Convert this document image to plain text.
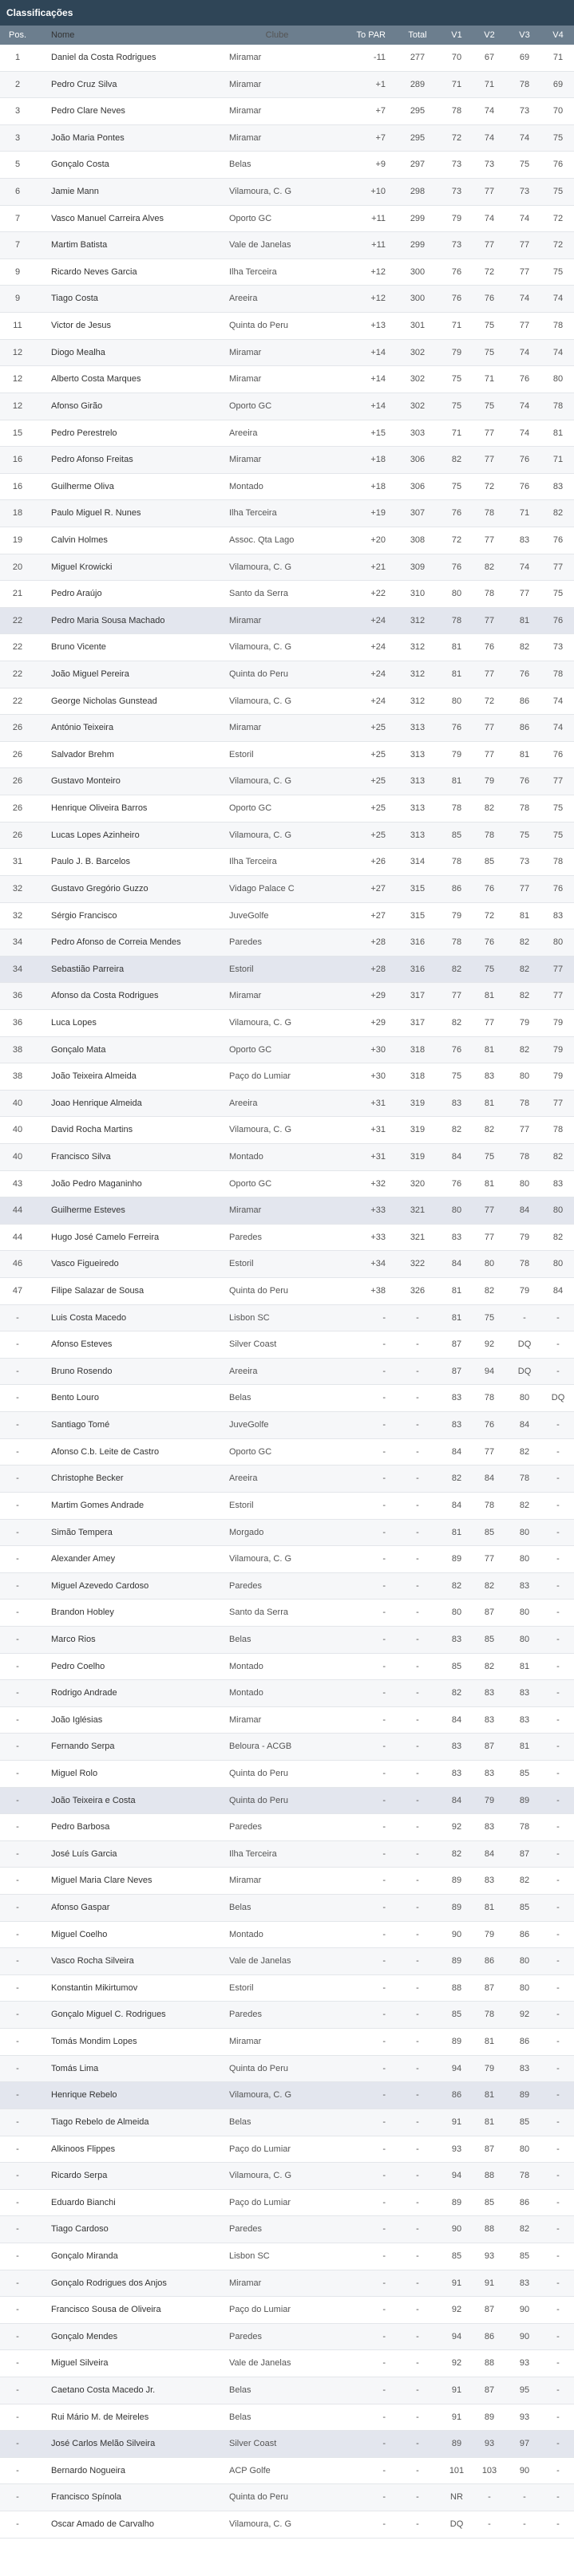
Classificações
Pos.	Nome	Clube	To PAR	Total	V1	V2	V3	V4
1	Daniel da Costa Rodrigues	Miramar	-11	277	70	67	69	71
2	Pedro Cruz Silva	Miramar	+1	289	71	71	78	69
3	Pedro Clare Neves	Miramar	+7	295	78	74	73	70
3	João Maria Pontes	Miramar	+7	295	72	74	74	75
5	Gonçalo Costa	Belas	+9	297	73	73	75	76
6	Jamie Mann	Vilamoura, C. G	+10	298	73	77	73	75
7	Vasco Manuel Carreira Alves	Oporto GC	+11	299	79	74	74	72
7	Martim Batista	Vale de Janelas	+11	299	73	77	77	72
9	Ricardo Neves Garcia	Ilha Terceira	+12	300	76	72	77	75
9	Tiago Costa	Areeira	+12	300	76	76	74	74
11	Victor de Jesus	Quinta do Peru	+13	301	71	75	77	78
12	Diogo Mealha	Miramar	+14	302	79	75	74	74
12	Alberto Costa Marques	Miramar	+14	302	75	71	76	80
12	Afonso Girão	Oporto GC	+14	302	75	75	74	78
15	Pedro Perestrelo	Areeira	+15	303	71	77	74	81
16	Pedro Afonso Freitas	Miramar	+18	306	82	77	76	71
16	Guilherme Oliva	Montado	+18	306	75	72	76	83
18	Paulo Miguel R. Nunes	Ilha Terceira	+19	307	76	78	71	82
19	Calvin Holmes	Assoc. Qta Lago	+20	308	72	77	83	76
20	Miguel Krowicki	Vilamoura, C. G	+21	309	76	82	74	77
21	Pedro Araújo	Santo da Serra	+22	310	80	78	77	75
22	Pedro Maria Sousa Machado	Miramar	+24	312	78	77	81	76
22	Bruno Vicente	Vilamoura, C. G	+24	312	81	76	82	73
22	João Miguel Pereira	Quinta do Peru	+24	312	81	77	76	78
22	George Nicholas Gunstead	Vilamoura, C. G	+24	312	80	72	86	74
26	António Teixeira	Miramar	+25	313	76	77	86	74
26	Salvador Brehm	Estoril	+25	313	79	77	81	76
26	Gustavo Monteiro	Vilamoura, C. G	+25	313	81	79	76	77
26	Henrique Oliveira Barros	Oporto GC	+25	313	78	82	78	75
26	Lucas Lopes Azinheiro	Vilamoura, C. G	+25	313	85	78	75	75
31	Paulo J. B. Barcelos	Ilha Terceira	+26	314	78	85	73	78
32	Gustavo Gregório Guzzo	Vidago Palace C	+27	315	86	76	77	76
32	Sérgio Francisco	JuveGolfe	+27	315	79	72	81	83
34	Pedro Afonso de Correia Mendes	Paredes	+28	316	78	76	82	80
34	Sebastião Parreira	Estoril	+28	316	82	75	82	77
36	Afonso da Costa Rodrigues	Miramar	+29	317	77	81	82	77
36	Luca Lopes	Vilamoura, C. G	+29	317	82	77	79	79
38	Gonçalo Mata	Oporto GC	+30	318	76	81	82	79
38	João Teixeira Almeida	Paço do Lumiar	+30	318	75	83	80	79
40	Joao Henrique Almeida	Areeira	+31	319	83	81	78	77
40	David Rocha Martins	Vilamoura, C. G	+31	319	82	82	77	78
40	Francisco Silva	Montado	+31	319	84	75	78	82
43	João Pedro Maganinho	Oporto GC	+32	320	76	81	80	83
44	Guilherme Esteves	Miramar	+33	321	80	77	84	80
44	Hugo José Camelo Ferreira	Paredes	+33	321	83	77	79	82
46	Vasco Figueiredo	Estoril	+34	322	84	80	78	80
47	Filipe Salazar de Sousa	Quinta do Peru	+38	326	81	82	79	84
-	Luis Costa Macedo	Lisbon SC	-	-	81	75	-	-
-	Afonso Esteves	Silver Coast	-	-	87	92	DQ	-
-	Bruno Rosendo	Areeira	-	-	87	94	DQ	-
-	Bento Louro	Belas	-	-	83	78	80	DQ
-	Santiago Tomé	JuveGolfe	-	-	83	76	84	-
-	Afonso C.b. Leite de Castro	Oporto GC	-	-	84	77	82	-
-	Christophe Becker	Areeira	-	-	82	84	78	-
-	Martim Gomes Andrade	Estoril	-	-	84	78	82	-
-	Simão Tempera	Morgado	-	-	81	85	80	-
-	Alexander Amey	Vilamoura, C. G	-	-	89	77	80	-
-	Miguel Azevedo Cardoso	Paredes	-	-	82	82	83	-
-	Brandon Hobley	Santo da Serra	-	-	80	87	80	-
-	Marco Rios	Belas	-	-	83	85	80	-
-	Pedro Coelho	Montado	-	-	85	82	81	-
-	Rodrigo Andrade	Montado	-	-	82	83	83	-
-	João Iglésias	Miramar	-	-	84	83	83	-
-	Fernando Serpa	Beloura - ACGB	-	-	83	87	81	-
-	Miguel Rolo	Quinta do Peru	-	-	83	83	85	-
-	João Teixeira e Costa	Quinta do Peru	-	-	84	79	89	-
-	Pedro Barbosa	Paredes	-	-	92	83	78	-
-	José Luís Garcia	Ilha Terceira	-	-	82	84	87	-
-	Miguel Maria Clare Neves	Miramar	-	-	89	83	82	-
-	Afonso Gaspar	Belas	-	-	89	81	85	-
-	Miguel Coelho	Montado	-	-	90	79	86	-
-	Vasco Rocha Silveira	Vale de Janelas	-	-	89	86	80	-
-	Konstantin Mikirtumov	Estoril	-	-	88	87	80	-
-	Gonçalo Miguel C. Rodrigues	Paredes	-	-	85	78	92	-
-	Tomás Mondim Lopes	Miramar	-	-	89	81	86	-
-	Tomás Lima	Quinta do Peru	-	-	94	79	83	-
-	Henrique Rebelo	Vilamoura, C. G	-	-	86	81	89	-
-	Tiago Rebelo de Almeida	Belas	-	-	91	81	85	-
-	Alkinoos Flippes	Paço do Lumiar	-	-	93	87	80	-
-	Ricardo Serpa	Vilamoura, C. G	-	-	94	88	78	-
-	Eduardo Bianchi	Paço do Lumiar	-	-	89	85	86	-
-	Tiago Cardoso	Paredes	-	-	90	88	82	-
-	Gonçalo Miranda	Lisbon SC	-	-	85	93	85	-
-	Gonçalo Rodrigues dos Anjos	Miramar	-	-	91	91	83	-
-	Francisco Sousa de Oliveira	Paço do Lumiar	-	-	92	87	90	-
-	Gonçalo Mendes	Paredes	-	-	94	86	90	-
-	Miguel Silveira	Vale de Janelas	-	-	92	88	93	-
-	Caetano Costa Macedo Jr.	Belas	-	-	91	87	95	-
-	Rui Mário M. de Meireles	Belas	-	-	91	89	93	-
-	José Carlos Melão Silveira	Silver Coast	-	-	89	93	97	-
-	Bernardo Nogueira	ACP Golfe	-	-	101	103	90	-
-	Francisco Spínola	Quinta do Peru	-	-	NR	-	-	-
-	Oscar Amado de Carvalho	Vilamoura, C. G	-	-	DQ	-	-	-
